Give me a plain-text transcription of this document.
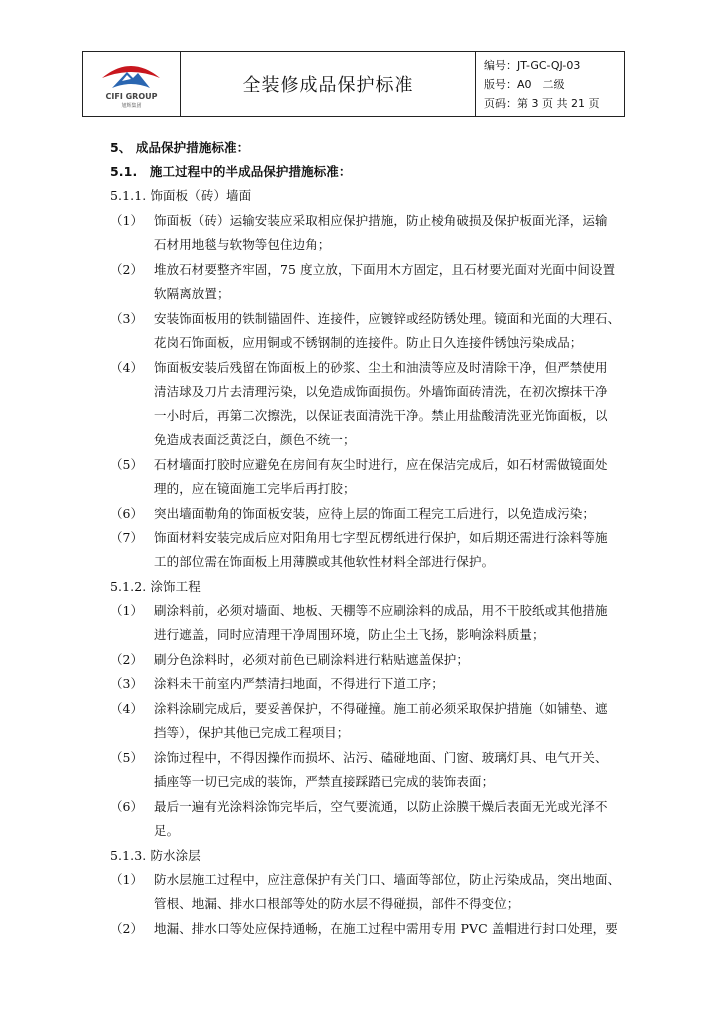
CIFI GROUP
旭辉集团
	全装修成品保护标准	
编号：JT-GC-QJ-03
版号：A0　二级
页码：第 3 页 共 21 页
5、 成品保护措施标准：
5.1.　施工过程中的半成品保护措施标准：
5.1.1. 饰面板（砖）墙面
（1） 饰面板（砖）运输安装应采取相应保护措施，防止棱角破损及保护板面光泽，运输
石材用地毯与软物等包住边角；
（2） 堆放石材要整齐牢固，75 度立放，下面用木方固定，且石材要光面对光面中间设置
软隔离放置；
（3） 安装饰面板用的铁制锚固件、连接件，应镀锌或经防锈处理。镜面和光面的大理石、
花岗石饰面板，应用铜或不锈钢制的连接件。防止日久连接件锈蚀污染成品；
（4） 饰面板安装后残留在饰面板上的砂浆、尘土和油渍等应及时清除干净，但严禁使用
清洁球及刀片去清理污染，以免造成饰面损伤。外墙饰面砖清洗，在初次擦抹干净
一小时后，再第二次擦洗，以保证表面清洗干净。禁止用盐酸清洗亚光饰面板，以
免造成表面泛黄泛白，颜色不统一；
（5） 石材墙面打胶时应避免在房间有灰尘时进行，应在保洁完成后，如石材需做镜面处
理的，应在镜面施工完毕后再打胶；
（6） 突出墙面勒角的饰面板安装，应待上层的饰面工程完工后进行，以免造成污染；
（7） 饰面材料安装完成后应对阳角用七字型瓦楞纸进行保护，如后期还需进行涂料等施
工的部位需在饰面板上用薄膜或其他软性材料全部进行保护。
5.1.2. 涂饰工程
（1） 刷涂料前，必须对墙面、地板、天棚等不应刷涂料的成品，用不干胶纸或其他措施
进行遮盖，同时应清理干净周围环境，防止尘土飞扬，影响涂料质量；
（2） 刷分色涂料时，必须对前色已刷涂料进行粘贴遮盖保护；
（3） 涂料未干前室内严禁清扫地面，不得进行下道工序；
（4） 涂料涂刷完成后，要妥善保护，不得碰撞。施工前必须采取保护措施（如铺垫、遮
挡等），保护其他已完成工程项目；
（5） 涂饰过程中，不得因操作而损坏、沾污、磕碰地面、门窗、玻璃灯具、电气开关、
插座等一切已完成的装饰，严禁直接踩踏已完成的装饰表面；
（6） 最后一遍有光涂料涂饰完毕后，空气要流通，以防止涂膜干燥后表面无光或光泽不
足。
5.1.3. 防水涂层
（1） 防水层施工过程中，应注意保护有关门口、墙面等部位，防止污染成品，突出地面、
管根、地漏、排水口根部等处的防水层不得碰损，部件不得变位；
（2） 地漏、排水口等处应保持通畅，在施工过程中需用专用 PVC 盖帽进行封口处理，要
